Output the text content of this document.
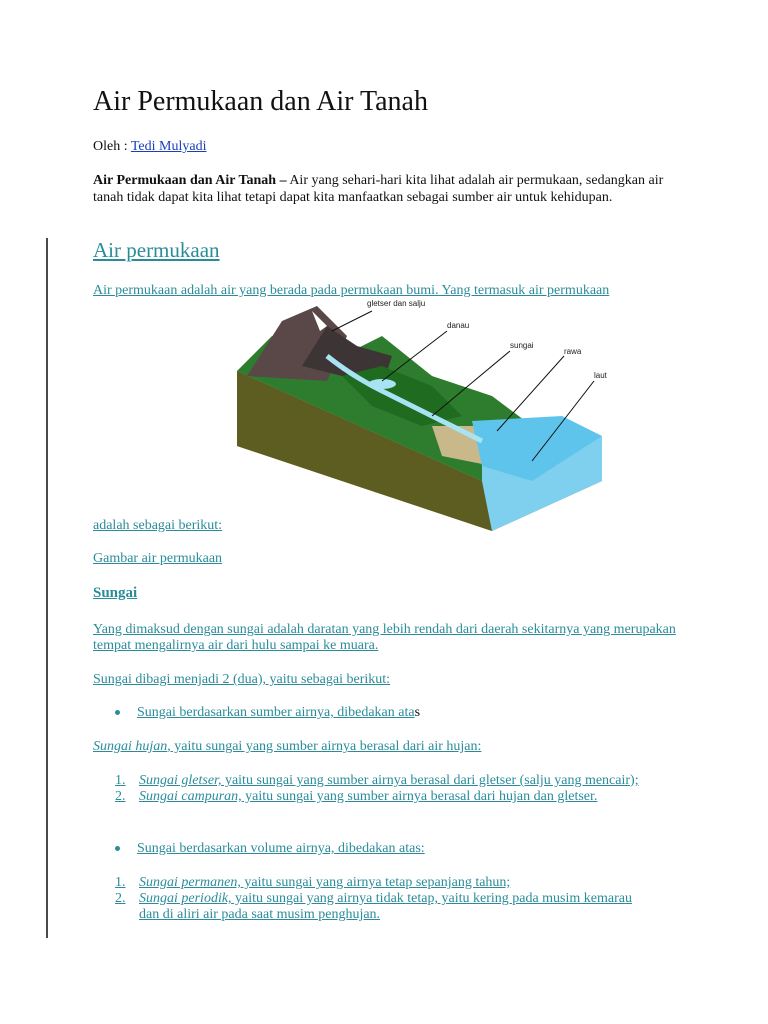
Air Permukaan dan Air Tanah
Oleh : Tedi Mulyadi
Air Permukaan dan Air Tanah – Air yang sehari-hari kita lihat adalah air permukaan, sedangkan air tanah tidak dapat kita lihat tetapi dapat kita manfaatkan sebagai sumber air untuk kehidupan.
Air permukaan
Air permukaan adalah air yang berada pada permukaan bumi. Yang termasuk air permukaan
gletser dan salju
danau
sungai
rawa
laut
adalah sebagai berikut:
Gambar air permukaan
Sungai
Yang dimaksud dengan sungai adalah daratan yang lebih rendah dari daerah sekitarnya yang merupakan tempat mengalirnya air dari hulu sampai ke muara.
Sungai dibagi menjadi 2 (dua), yaitu sebagai berikut:
Sungai berdasarkan sumber airnya, dibedakan atas
Sungai hujan, yaitu sungai yang sumber airnya berasal dari air hujan:
1. Sungai gletser, yaitu sungai yang sumber airnya berasal dari gletser (salju yang mencair);
2. Sungai campuran, yaitu sungai yang sumber airnya berasal dari hujan dan gletser.
Sungai berdasarkan volume airnya, dibedakan atas:
1. Sungai permanen, yaitu sungai yang airnya tetap sepanjang tahun;
2. Sungai periodik, yaitu sungai yang airnya tidak tetap, yaitu kering pada musim kemarau dan di aliri air pada saat musim penghujan.
